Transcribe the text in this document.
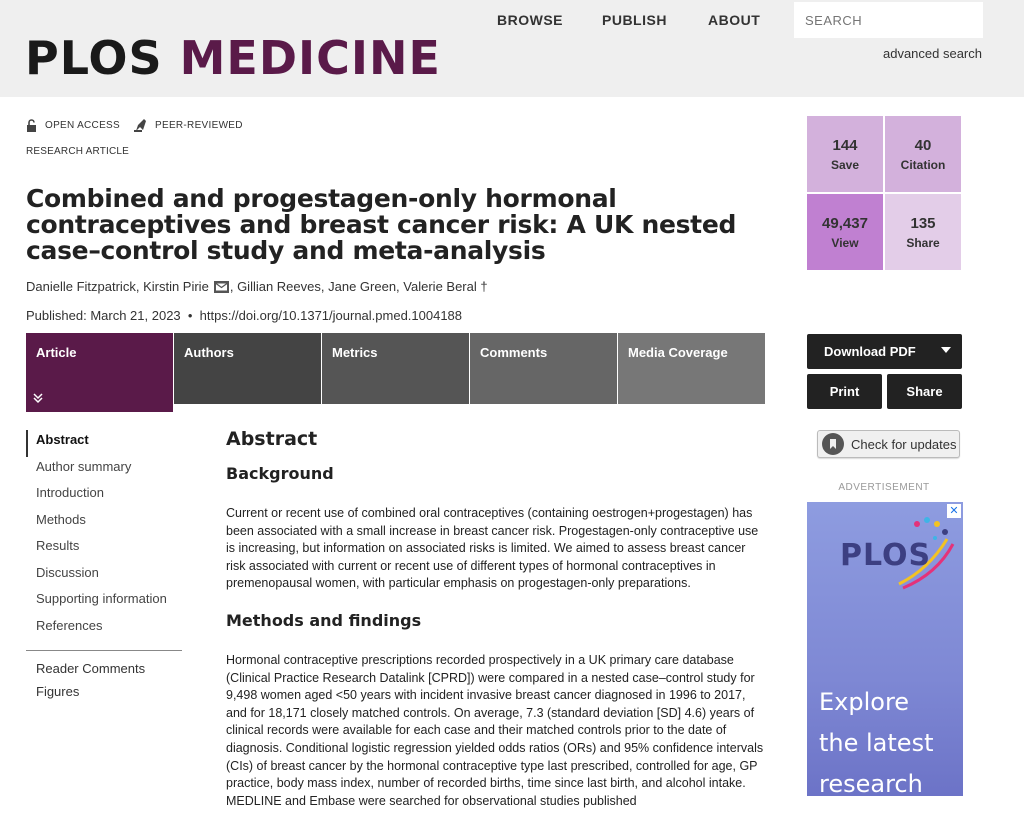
PLOS MEDICINE
BROWSE	PUBLISH	ABOUT
SEARCH
advanced search
OPEN ACCESS	PEER-REVIEWED
RESEARCH ARTICLE
Combined and progestagen-only hormonal contraceptives and breast cancer risk: A UK nested case–control study and meta-analysis
Danielle Fitzpatrick,
Kirstin Pirie ,
Gillian Reeves,
Jane Green,
Valerie Beral †
Published: March 21, 2023  •  https://doi.org/10.1371/journal.pmed.1004188
Article	Authors	Metrics	Comments	Media Coverage
Abstract
Author summary
Introduction
Methods
Results
Discussion
Supporting information
References
Reader Comments
Figures
Abstract
Background

Current or recent use of combined oral contraceptives (containing oestrogen+progestagen) has been associated with a small increase in breast cancer risk. Progestagen-only contraceptive use is increasing, but information on associated risks is limited. We aimed to assess breast cancer risk associated with current or recent use of different types of hormonal contraceptives in premenopausal women, with particular emphasis on progestagen-only preparations.

Methods and findings

Hormonal contraceptive prescriptions recorded prospectively in a UK primary care database (Clinical Practice Research Datalink [CPRD]) were compared in a nested case–control study for 9,498 women aged <50 years with incident invasive breast cancer diagnosed in 1996 to 2017, and for 18,171 closely matched controls. On average, 7.3 (standard deviation [SD] 4.6) years of clinical records were available for each case and their matched controls prior to the date of diagnosis. Conditional logistic regression yielded odds ratios (ORs) and 95% confidence intervals (CIs) of breast cancer by the hormonal contraceptive type last prescribed, controlled for age, GP practice, body mass index, number of recorded births, time since last birth, and alcohol intake. MEDLINE and Embase were searched for observational studies published

144
Save
40
Citation
49,437
View
135
Share
Download PDF
Print	Share
Check for updates
ADVERTISEMENT
✕
PLOS
Explore
the latest
research
